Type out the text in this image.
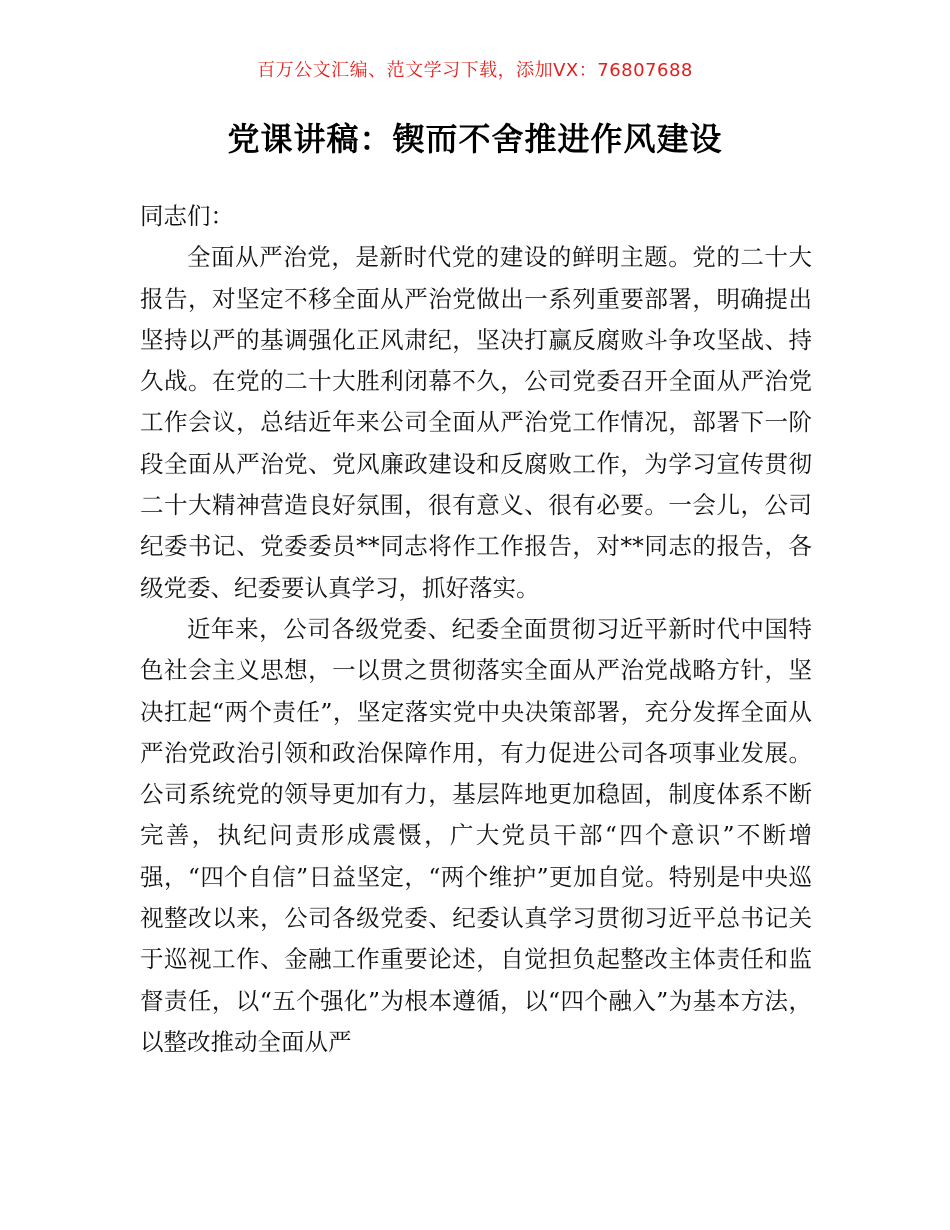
百万公文汇编、范文学习下载，添加VX：76807688
党课讲稿：锲而不舍推进作风建设

同志们：

全面从严治党，是新时代党的建设的鲜明主题。党的二十大报告，对坚定不移全面从严治党做出一系列重要部署，明确提出坚持以严的基调强化正风肃纪，坚决打赢反腐败斗争攻坚战、持久战。在党的二十大胜利闭幕不久，公司党委召开全面从严治党工作会议，总结近年来公司全面从严治党工作情况，部署下一阶段全面从严治党、党风廉政建设和反腐败工作，为学习宣传贯彻二十大精神营造良好氛围，很有意义、很有必要。一会儿，公司纪委书记、党委委员**同志将作工作报告，对**同志的报告，各级党委、纪委要认真学习，抓好落实。

近年来，公司各级党委、纪委全面贯彻习近平新时代中国特色社会主义思想，一以贯之贯彻落实全面从严治党战略方针，坚决扛起“两个责任”，坚定落实党中央决策部署，充分发挥全面从严治党政治引领和政治保障作用，有力促进公司各项事业发展。公司系统党的领导更加有力，基层阵地更加稳固，制度体系不断完善，执纪问责形成震慑，广大党员干部“四个意识”不断增强，“四个自信”日益坚定，“两个维护”更加自觉。特别是中央巡视整改以来，公司各级党委、纪委认真学习贯彻习近平总书记关于巡视工作、金融工作重要论述，自觉担负起整改主体责任和监督责任，以“五个强化”为根本遵循，以“四个融入”为基本方法，以整改推动全面从严
